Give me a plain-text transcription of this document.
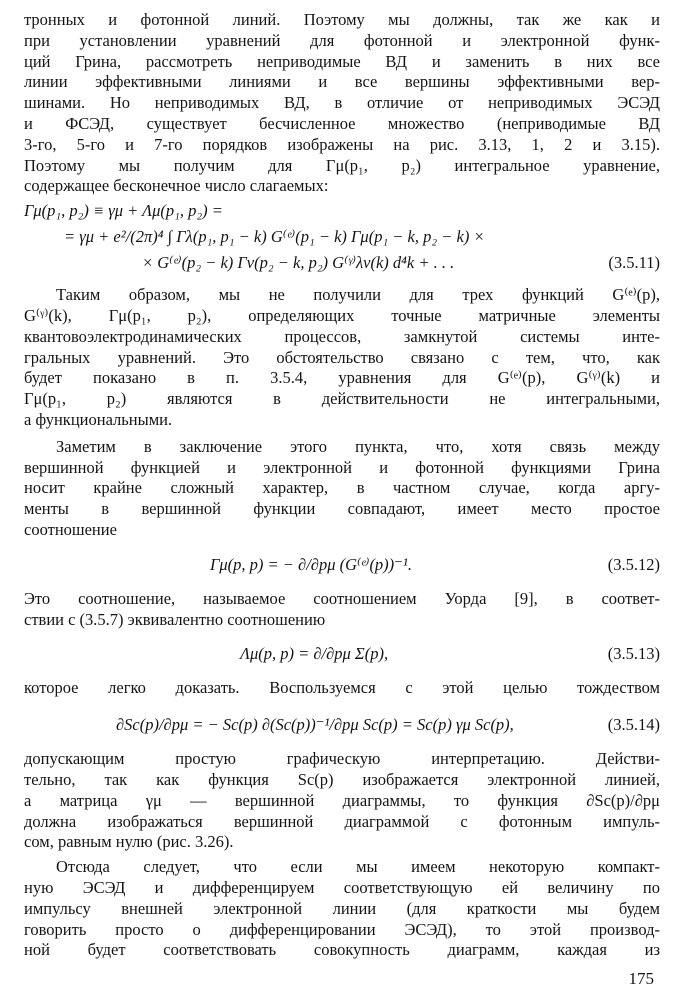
тронных и фотонной линий. Поэтому мы должны, так же как и
при установлении уравнений для фотонной и электронной функ-
ций Грина, рассмотреть неприводимые ВД и заменить в них все
линии эффективными линиями и все вершины эффективными вер-
шинами. Но неприводимых ВД, в отличие от неприводимых ЭСЭД
и ФСЭД, существует бесчисленное множество (неприводимые ВД
3-го, 5-го и 7-го порядков изображены на рис. 3.13, 1, 2 и 3.15).
Поэтому мы получим для Γμ(p₁, p₂) интегральное уравнение,
содержащее бесконечное число слагаемых:
Γμ(p₁, p₂) ≡ γμ + Λμ(p₁, p₂) =
= γμ + e²/(2π)⁴ ∫ Γλ(p₁, p₁ − k) G⁽ᵉ⁾(p₁ − k) Γμ(p₁ − k, p₂ − k) ×
× G⁽ᵉ⁾(p₂ − k) Γν(p₂ − k, p₂) G⁽ᵞ⁾λν(k) d⁴k + . . .	(3.5.11)
Таким образом, мы не получили для трех функций G⁽ᵉ⁾(p),
G⁽ᵞ⁾(k), Γμ(p₁, p₂), определяющих точные матричные элементы
квантовоэлектродинамических процессов, замкнутой системы инте-
гральных уравнений. Это обстоятельство связано с тем, что, как
будет показано в п. 3.5.4, уравнения для G⁽ᵉ⁾(p), G⁽ᵞ⁾(k) и
Γμ(p₁, p₂) являются в действительности не интегральными,
а функциональными.
Заметим в заключение этого пункта, что, хотя связь между
вершинной функцией и электронной и фотонной функциями Грина
носит крайне сложный характер, в частном случае, когда аргу-
менты в вершинной функции совпадают, имеет место простое
соотношение
Γμ(p, p) = − ∂/∂pμ (G⁽ᵉ⁾(p))⁻¹.	(3.5.12)
Это соотношение, называемое соотношением Уорда [9], в соответ-
ствии с (3.5.7) эквивалентно соотношению
Λμ(p, p) = ∂/∂pμ Σ(p),	(3.5.13)
которое легко доказать. Воспользуемся с этой целью тождеством
∂Sc(p)/∂pμ = − Sc(p) ∂(Sc(p))⁻¹/∂pμ Sc(p) = Sc(p) γμ Sc(p),	(3.5.14)
допускающим простую графическую интерпретацию. Действи-
тельно, так как функция Sc(p) изображается электронной линией,
а матрица γμ — вершинной диаграммы, то функция ∂Sc(p)/∂pμ
должна изображаться вершинной диаграммой с фотонным импуль-
сом, равным нулю (рис. 3.26).
Отсюда следует, что если мы имеем некоторую компакт-
ную ЭСЭД и дифференцируем соответствующую ей величину по
импульсу внешней электронной линии (для краткости мы будем
говорить просто о дифференцировании ЭСЭД), то этой производ-
ной будет соответствовать совокупность диаграмм, каждая из
175
